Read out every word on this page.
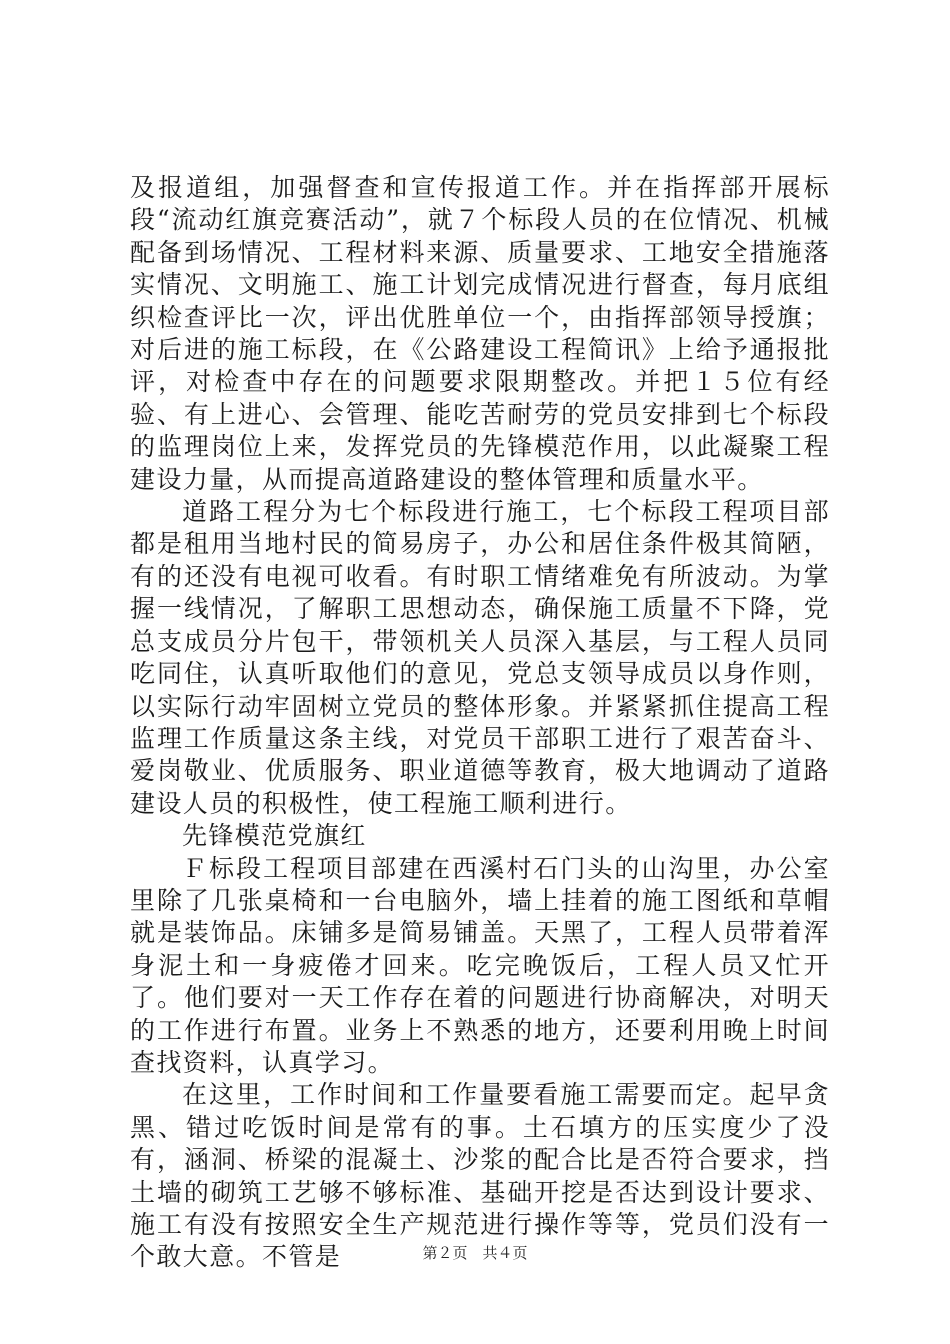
及报道组，加强督查和宣传报道工作。并在指挥部开展标段“流动红旗竞赛活动”，就７个标段人员的在位情况、机械配备到场情况、工程材料来源、质量要求、工地安全措施落实情况、文明施工、施工计划完成情况进行督查，每月底组织检查评比一次，评出优胜单位一个，由指挥部领导授旗；对后进的施工标段，在《公路建设工程简讯》上给予通报批评，对检查中存在的问题要求限期整改。并把１５位有经验、有上进心、会管理、能吃苦耐劳的党员安排到七个标段的监理岗位上来，发挥党员的先锋模范作用，以此凝聚工程建设力量，从而提高道路建设的整体管理和质量水平。

道路工程分为七个标段进行施工，七个标段工程项目部都是租用当地村民的简易房子，办公和居住条件极其简陋，有的还没有电视可收看。有时职工情绪难免有所波动。为掌握一线情况，了解职工思想动态，确保施工质量不下降，党总支成员分片包干，带领机关人员深入基层，与工程人员同吃同住，认真听取他们的意见，党总支领导成员以身作则，以实际行动牢固树立党员的整体形象。并紧紧抓住提高工程监理工作质量这条主线，对党员干部职工进行了艰苦奋斗、爱岗敬业、优质服务、职业道德等教育，极大地调动了道路建设人员的积极性，使工程施工顺利进行。

先锋模范党旗红

Ｆ标段工程项目部建在西溪村石门头的山沟里，办公室里除了几张桌椅和一台电脑外，墙上挂着的施工图纸和草帽就是装饰品。床铺多是简易铺盖。天黑了，工程人员带着浑身泥土和一身疲倦才回来。吃完晚饭后，工程人员又忙开了。他们要对一天工作存在着的问题进行协商解决，对明天的工作进行布置。业务上不熟悉的地方，还要利用晚上时间查找资料，认真学习。

在这里，工作时间和工作量要看施工需要而定。起早贪黑、错过吃饭时间是常有的事。土石填方的压实度少了没有，涵洞、桥梁的混凝土、沙浆的配合比是否符合要求，挡土墙的砌筑工艺够不够标准、基础开挖是否达到设计要求、施工有没有按照安全生产规范进行操作等等，党员们没有一个敢大意。不管是	第２页　共４页
